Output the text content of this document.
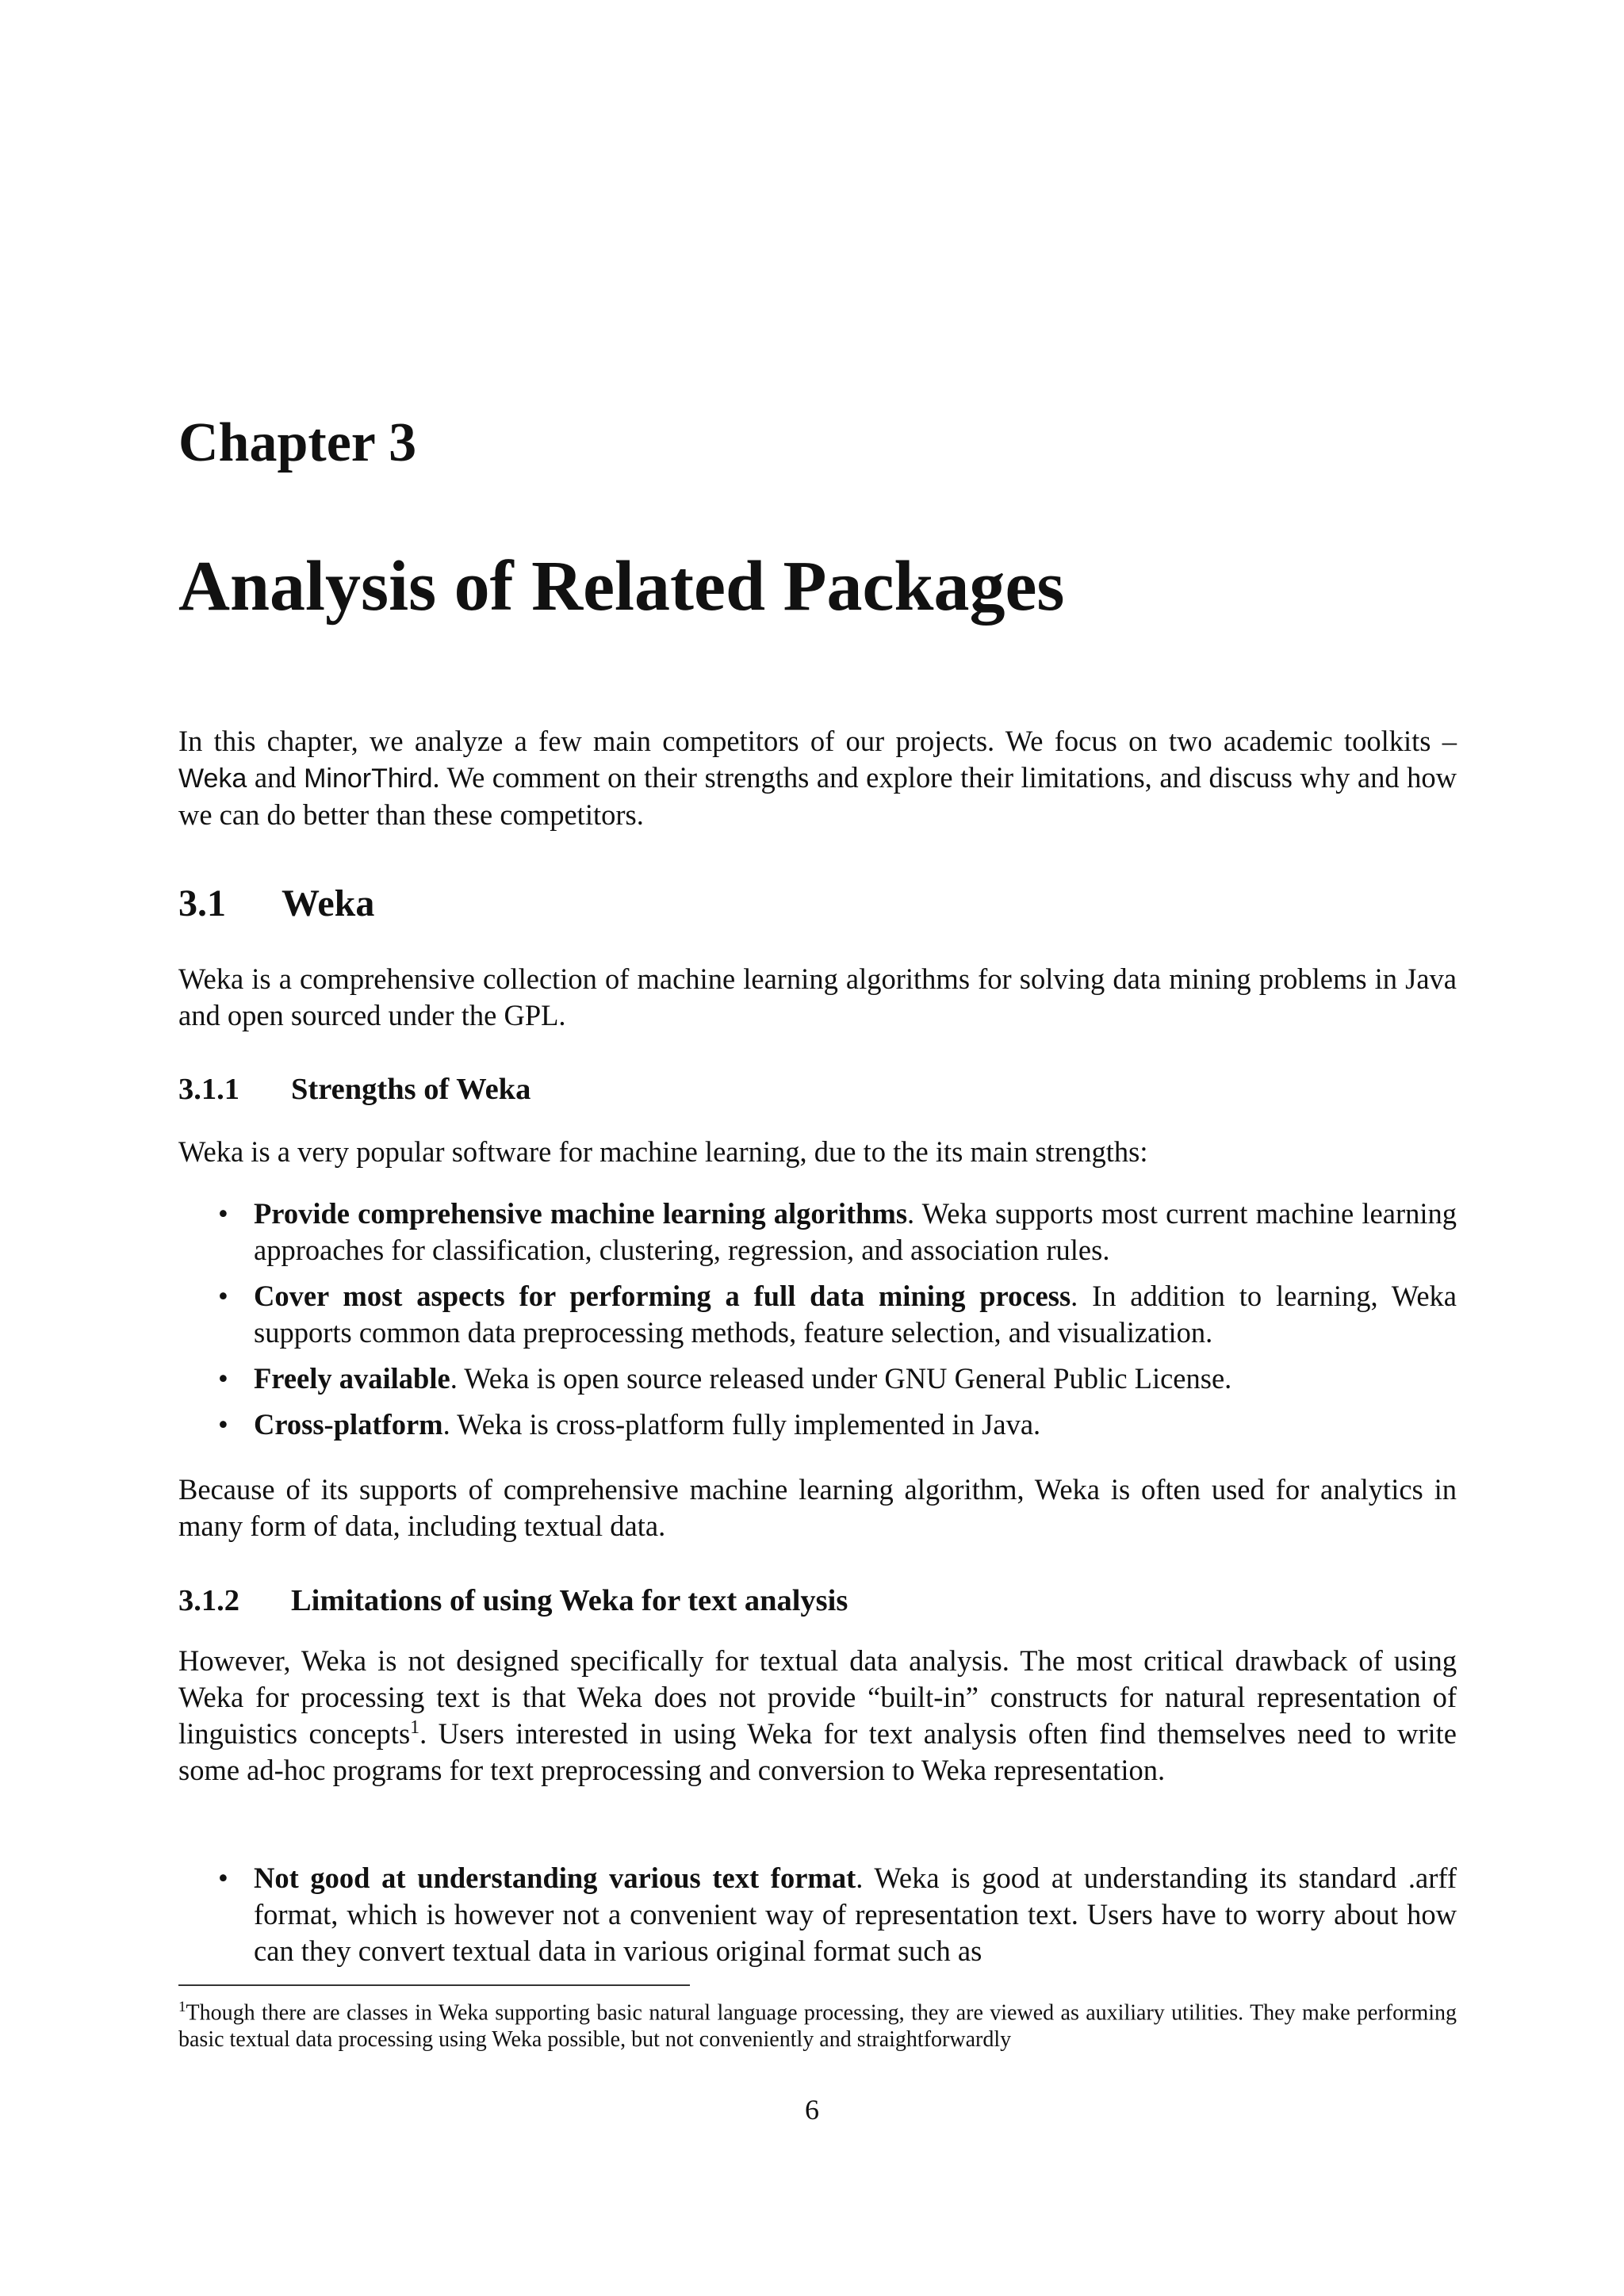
Chapter 3
Analysis of Related Packages

In this chapter, we analyze a few main competitors of our projects. We focus on two academic toolkits – Weka and MinorThird. We comment on their strengths and explore their limitations, and discuss why and how we can do better than these competitors.

3.1 Weka

Weka is a comprehensive collection of machine learning algorithms for solving data mining problems in Java and open sourced under the GPL.

3.1.1 Strengths of Weka

Weka is a very popular software for machine learning, due to the its main strengths:

• Provide comprehensive machine learning algorithms. Weka supports most current machine learning approaches for classification, clustering, regression, and association rules.
• Cover most aspects for performing a full data mining process. In addition to learning, Weka supports common data preprocessing methods, feature selection, and visualization.
• Freely available. Weka is open source released under GNU General Public License.
• Cross-platform. Weka is cross-platform fully implemented in Java.

Because of its supports of comprehensive machine learning algorithm, Weka is often used for analytics in many form of data, including textual data.

3.1.2 Limitations of using Weka for text analysis

However, Weka is not designed specifically for textual data analysis. The most critical drawback of using Weka for processing text is that Weka does not provide “built-in” constructs for natural representation of linguistics concepts$^1$. Users interested in using Weka for text analysis often find themselves need to write some ad-hoc programs for text preprocessing and conversion to Weka representation.

• Not good at understanding various text format. Weka is good at understanding its standard .arff format, which is however not a convenient way of representation text. Users have to worry about how can they convert textual data in various original format such as
$^1$Though there are classes in Weka supporting basic natural language processing, they are viewed as auxiliary utilities. They make performing basic textual data processing using Weka possible, but not conveniently and straightforwardly
6
